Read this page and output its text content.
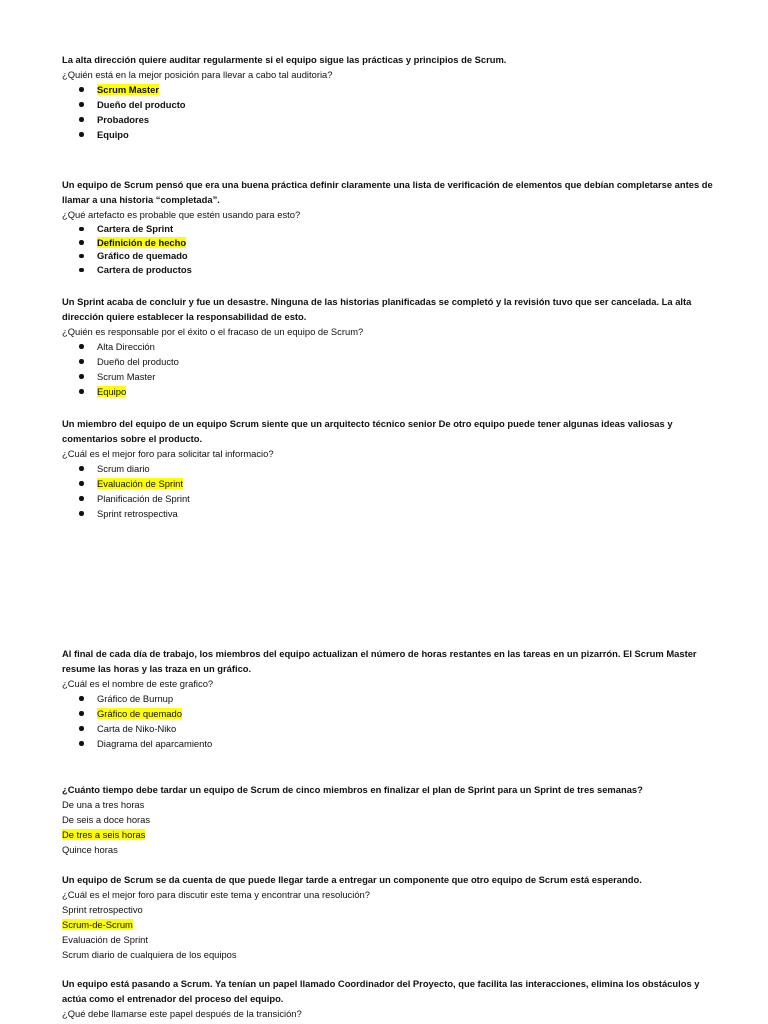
La alta dirección quiere auditar regularmente si el equipo sigue las prácticas y principios de Scrum.

¿Quién está en la mejor posición para llevar a cabo tal auditoria?

Scrum Master
Dueño del producto
Probadores
Equipo

Un equipo de Scrum pensó que era una buena práctica definir claramente una lista de verificación de elementos que debían completarse antes de llamar a una historia “completada”.

¿Qué artefacto es probable que estén usando para esto?

Cartera de Sprint
Definición de hecho
Gráfico de quemado
Cartera de productos

Un Sprint acaba de concluir y fue un desastre. Ninguna de las historias planificadas se completó y la revisión tuvo que ser cancelada. La alta dirección quiere establecer la responsabilidad de esto.

¿Quién es responsable por el éxito o el fracaso de un equipo de Scrum?

Alta Dirección
Dueño del producto
Scrum Master
Equipo

Un miembro del equipo de un equipo Scrum siente que un arquitecto técnico senior De otro equipo puede tener algunas ideas valiosas y comentarios sobre el producto.

¿Cuál es el mejor foro para solicitar tal informacio?

Scrum diario
Evaluación de Sprint
Planificación de Sprint
Sprint retrospectiva

Al final de cada día de trabajo, los miembros del equipo actualizan el número de horas restantes en las tareas en un pizarrón. El Scrum Master resume las horas y las traza en un gráfico.

¿Cuál es el nombre de este grafico?

Gráfico de Burnup
Gráfico de quemado
Carta de Niko-Niko
Diagrama del aparcamiento

¿Cuánto tiempo debe tardar un equipo de Scrum de cinco miembros en finalizar el plan de Sprint para un Sprint de tres semanas?

De una a tres horas
De seis a doce horas
De tres a seis horas
Quince horas

Un equipo de Scrum se da cuenta de que puede llegar tarde a entregar un componente que otro equipo de Scrum está esperando.

¿Cuál es el mejor foro para discutir este tema y encontrar una resolución?

Sprint retrospectivo
Scrum-de-Scrum
Evaluación de Sprint
Scrum diario de cualquiera de los equipos

Un equipo está pasando a Scrum. Ya tenían un papel llamado Coordinador del Proyecto, que facilita las interacciones, elimina los obstáculos y actúa como el entrenador del proceso del equipo.

¿Qué debe llamarse este papel después de la transición?
